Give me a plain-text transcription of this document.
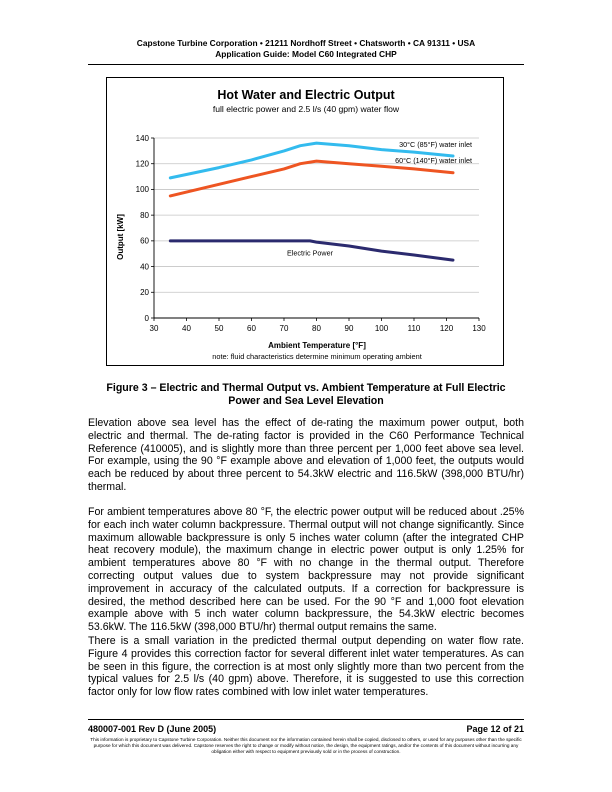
Capstone Turbine Corporation • 21211 Nordhoff Street • Chatsworth • CA 91311 • USA
Application Guide: Model C60 Integrated CHP
Hot Water and Electric Output
full electric power and 2.5 l/s (40 gpm) water flow
Output [kW]
Ambient Temperature [°F]
note: fluid characteristics determine minimum operating ambient
0
20
40
60
80
100
120
140
30	40	50	60	70	80	90	100 110 120 130
30°C (85°F) water inlet
60°C (140°F) water inlet
Electric Power
Figure 3 – Electric and Thermal Output vs. Ambient Temperature at Full Electric
Power and Sea Level Elevation

Elevation above sea level has the effect of de-rating the maximum power output, both electric and thermal. The de-rating factor is provided in the C60 Performance Technical Reference (410005), and is slightly more than three percent per 1,000 feet above sea level. For example, using the 90 °F example above and elevation of 1,000 feet, the outputs would each be reduced by about three percent to 54.3kW electric and 116.5kW (398,000 BTU/hr) thermal.

For ambient temperatures above 80 °F, the electric power output will be reduced about .25% for each inch water column backpressure. Thermal output will not change significantly. Since maximum allowable backpressure is only 5 inches water column (after the integrated CHP heat recovery module), the maximum change in electric power output is only 1.25% for ambient temperatures above 80 °F with no change in the thermal output. Therefore correcting output values due to system backpressure may not provide significant improvement in accuracy of the calculated outputs. If a correction for backpressure is desired, the method described here can be used. For the 90 °F and 1,000 foot elevation example above with 5 inch water column backpressure, the 54.3kW electric becomes 53.6kW. The 116.5kW (398,000 BTU/hr) thermal output remains the same.

There is a small variation in the predicted thermal output depending on water flow rate. Figure 4 provides this correction factor for several different inlet water temperatures. As can be seen in this figure, the correction is at most only slightly more than two percent from the typical values for 2.5 l/s (40 gpm) above. Therefore, it is suggested to use this correction factor only for low flow rates combined with low inlet water temperatures.

480007-001 Rev D (June 2005)	Page 12 of 21
This information is proprietary to Capstone Turbine Corporation. Neither this document nor the information contained herein shall be copied, disclosed to others, or used for any purposes other than the specific purpose for which this document was delivered. Capstone reserves the right to change or modify without notice, the design, the equipment ratings, and/or the contents of this document without incurring any obligation either with respect to equipment previously sold or in the process of construction.
